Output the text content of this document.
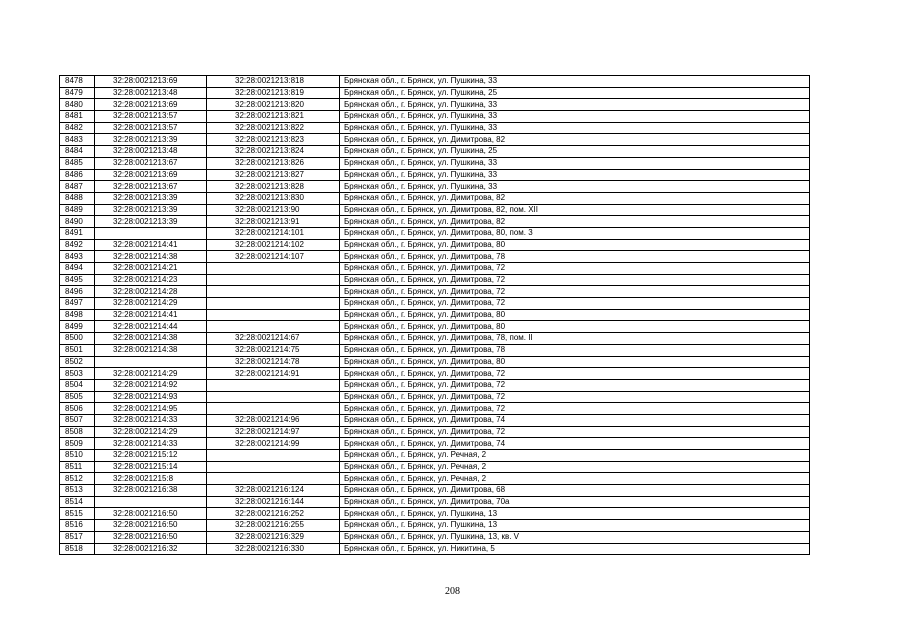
8478	32:28:0021213:69	32:28:0021213:818	Брянская обл., г. Брянск, ул. Пушкина, 33
8479	32:28:0021213:48	32:28:0021213:819	Брянская обл., г. Брянск, ул. Пушкина, 25
8480	32:28:0021213:69	32:28:0021213:820	Брянская обл., г. Брянск, ул. Пушкина, 33
8481	32:28:0021213:57	32:28:0021213:821	Брянская обл., г. Брянск, ул. Пушкина, 33
8482	32:28:0021213:57	32:28:0021213:822	Брянская обл., г. Брянск, ул. Пушкина, 33
8483	32:28:0021213:39	32:28:0021213:823	Брянская обл., г. Брянск, ул. Димитрова, 82
8484	32:28:0021213:48	32:28:0021213:824	Брянская обл., г. Брянск, ул. Пушкина, 25
8485	32:28:0021213:67	32:28:0021213:826	Брянская обл., г. Брянск, ул. Пушкина, 33
8486	32:28:0021213:69	32:28:0021213:827	Брянская обл., г. Брянск, ул. Пушкина, 33
8487	32:28:0021213:67	32:28:0021213:828	Брянская обл., г. Брянск, ул. Пушкина, 33
8488	32:28:0021213:39	32:28:0021213:830	Брянская обл., г. Брянск, ул. Димитрова, 82
8489	32:28:0021213:39	32:28:0021213:90	Брянская обл., г. Брянск, ул. Димитрова, 82, пом. XII
8490	32:28:0021213:39	32:28:0021213:91	Брянская обл., г. Брянск, ул. Димитрова, 82
8491		32:28:0021214:101	Брянская обл., г. Брянск, ул. Димитрова, 80, пом. 3
8492	32:28:0021214:41	32:28:0021214:102	Брянская обл., г. Брянск, ул. Димитрова, 80
8493	32:28:0021214:38	32:28:0021214:107	Брянская обл., г. Брянск, ул. Димитрова, 78
8494	32:28:0021214:21		Брянская обл., г. Брянск, ул. Димитрова, 72
8495	32:28:0021214:23		Брянская обл., г. Брянск, ул. Димитрова, 72
8496	32:28:0021214:28		Брянская обл., г. Брянск, ул. Димитрова, 72
8497	32:28:0021214:29		Брянская обл., г. Брянск, ул. Димитрова, 72
8498	32:28:0021214:41		Брянская обл., г. Брянск, ул. Димитрова, 80
8499	32:28:0021214:44		Брянская обл., г. Брянск, ул. Димитрова, 80
8500	32:28:0021214:38	32:28:0021214:67	Брянская обл., г. Брянск, ул. Димитрова, 78, пом. II
8501	32:28:0021214:38	32:28:0021214:75	Брянская обл., г. Брянск, ул. Димитрова, 78
8502		32:28:0021214:78	Брянская обл., г. Брянск, ул. Димитрова, 80
8503	32:28:0021214:29	32:28:0021214:91	Брянская обл., г. Брянск, ул. Димитрова, 72
8504	32:28:0021214:92		Брянская обл., г. Брянск, ул. Димитрова, 72
8505	32:28:0021214:93		Брянская обл., г. Брянск, ул. Димитрова, 72
8506	32:28:0021214:95		Брянская обл., г. Брянск, ул. Димитрова, 72
8507	32:28:0021214:33	32:28:0021214:96	Брянская обл., г. Брянск, ул. Димитрова, 74
8508	32:28:0021214:29	32:28:0021214:97	Брянская обл., г. Брянск, ул. Димитрова, 72
8509	32:28:0021214:33	32:28:0021214:99	Брянская обл., г. Брянск, ул. Димитрова, 74
8510	32:28:0021215:12		Брянская обл., г. Брянск, ул. Речная, 2
8511	32:28:0021215:14		Брянская обл., г. Брянск, ул. Речная, 2
8512	32:28:0021215:8		Брянская обл., г. Брянск, ул. Речная, 2
8513	32:28:0021216:38	32:28:0021216:124	Брянская обл., г. Брянск, ул. Димитрова, 68
8514		32:28:0021216:144	Брянская обл., г. Брянск, ул. Димитрова, 70а
8515	32:28:0021216:50	32:28:0021216:252	Брянская обл., г. Брянск, ул. Пушкина, 13
8516	32:28:0021216:50	32:28:0021216:255	Брянская обл., г. Брянск, ул. Пушкина, 13
8517	32:28:0021216:50	32:28:0021216:329	Брянская обл., г. Брянск, ул. Пушкина, 13, кв. V
8518	32:28:0021216:32	32:28:0021216:330	Брянская обл., г. Брянск, ул. Никитина, 5
208
